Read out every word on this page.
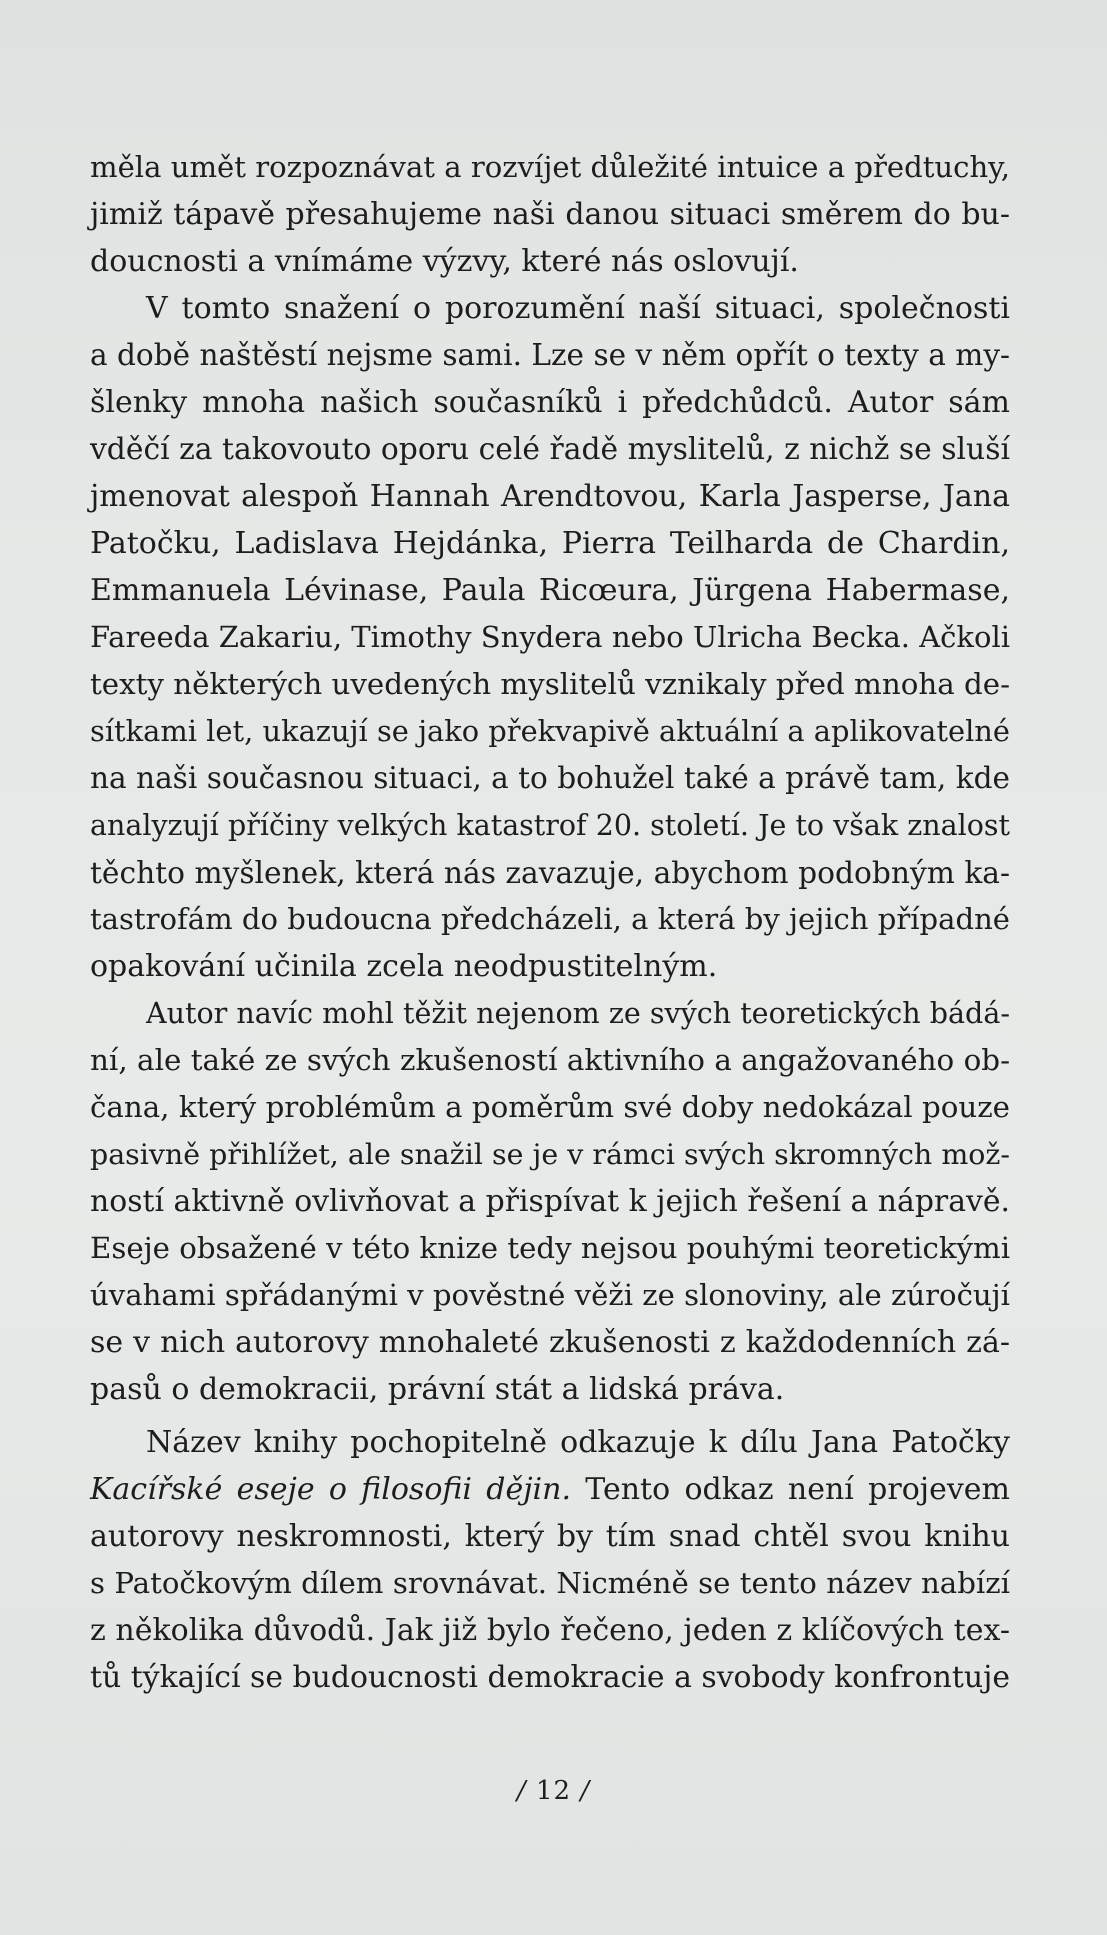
měla umět rozpoznávat a rozvíjet důležité intuice a předtuchy,
jimiž tápavě přesahujeme naši danou situaci směrem do bu-
doucnosti a vnímáme výzvy, které nás oslovují.
V tomto snažení o porozumění naší situaci, společnosti
a době naštěstí nejsme sami. Lze se v něm opřít o texty a my-
šlenky mnoha našich současníků i předchůdců. Autor sám
vděčí za takovouto oporu celé řadě myslitelů, z nichž se sluší
jmenovat alespoň Hannah Arendtovou, Karla Jasperse, Jana
Patočku, Ladislava Hejdánka, Pierra Teilharda de Chardin,
Emmanuela Lévinase, Paula Ricœura, Jürgena Habermase,
Fareeda Zakariu, Timothy Snydera nebo Ulricha Becka. Ačkoli
texty některých uvedených myslitelů vznikaly před mnoha de-
sítkami let, ukazují se jako překvapivě aktuální a aplikovatelné
na naši současnou situaci, a to bohužel také a právě tam, kde
analyzují příčiny velkých katastrof 20. století. Je to však znalost
těchto myšlenek, která nás zavazuje, abychom podobným ka-
tastrofám do budoucna předcházeli, a která by jejich případné
opakování učinila zcela neodpustitelným.
Autor navíc mohl těžit nejenom ze svých teoretických bádá-
ní, ale také ze svých zkušeností aktivního a angažovaného ob-
čana, který problémům a poměrům své doby nedokázal pouze
pasivně přihlížet, ale snažil se je v rámci svých skromných mož-
ností aktivně ovlivňovat a přispívat k jejich řešení a nápravě.
Eseje obsažené v této knize tedy nejsou pouhými teoretickými
úvahami spřádanými v pověstné věži ze slonoviny, ale zúročují
se v nich autorovy mnohaleté zkušenosti z každodenních zá-
pasů o demokracii, právní stát a lidská práva.
Název knihy pochopitelně odkazuje k dílu Jana Patočky
Kacířské eseje o filosofii dějin. Tento odkaz není projevem
autorovy neskromnosti, který by tím snad chtěl svou knihu
s Patočkovým dílem srovnávat. Nicméně se tento název nabízí
z několika důvodů. Jak již bylo řečeno, jeden z klíčových tex-
tů týkající se budoucnosti demokracie a svobody konfrontuje
/ 12 /
